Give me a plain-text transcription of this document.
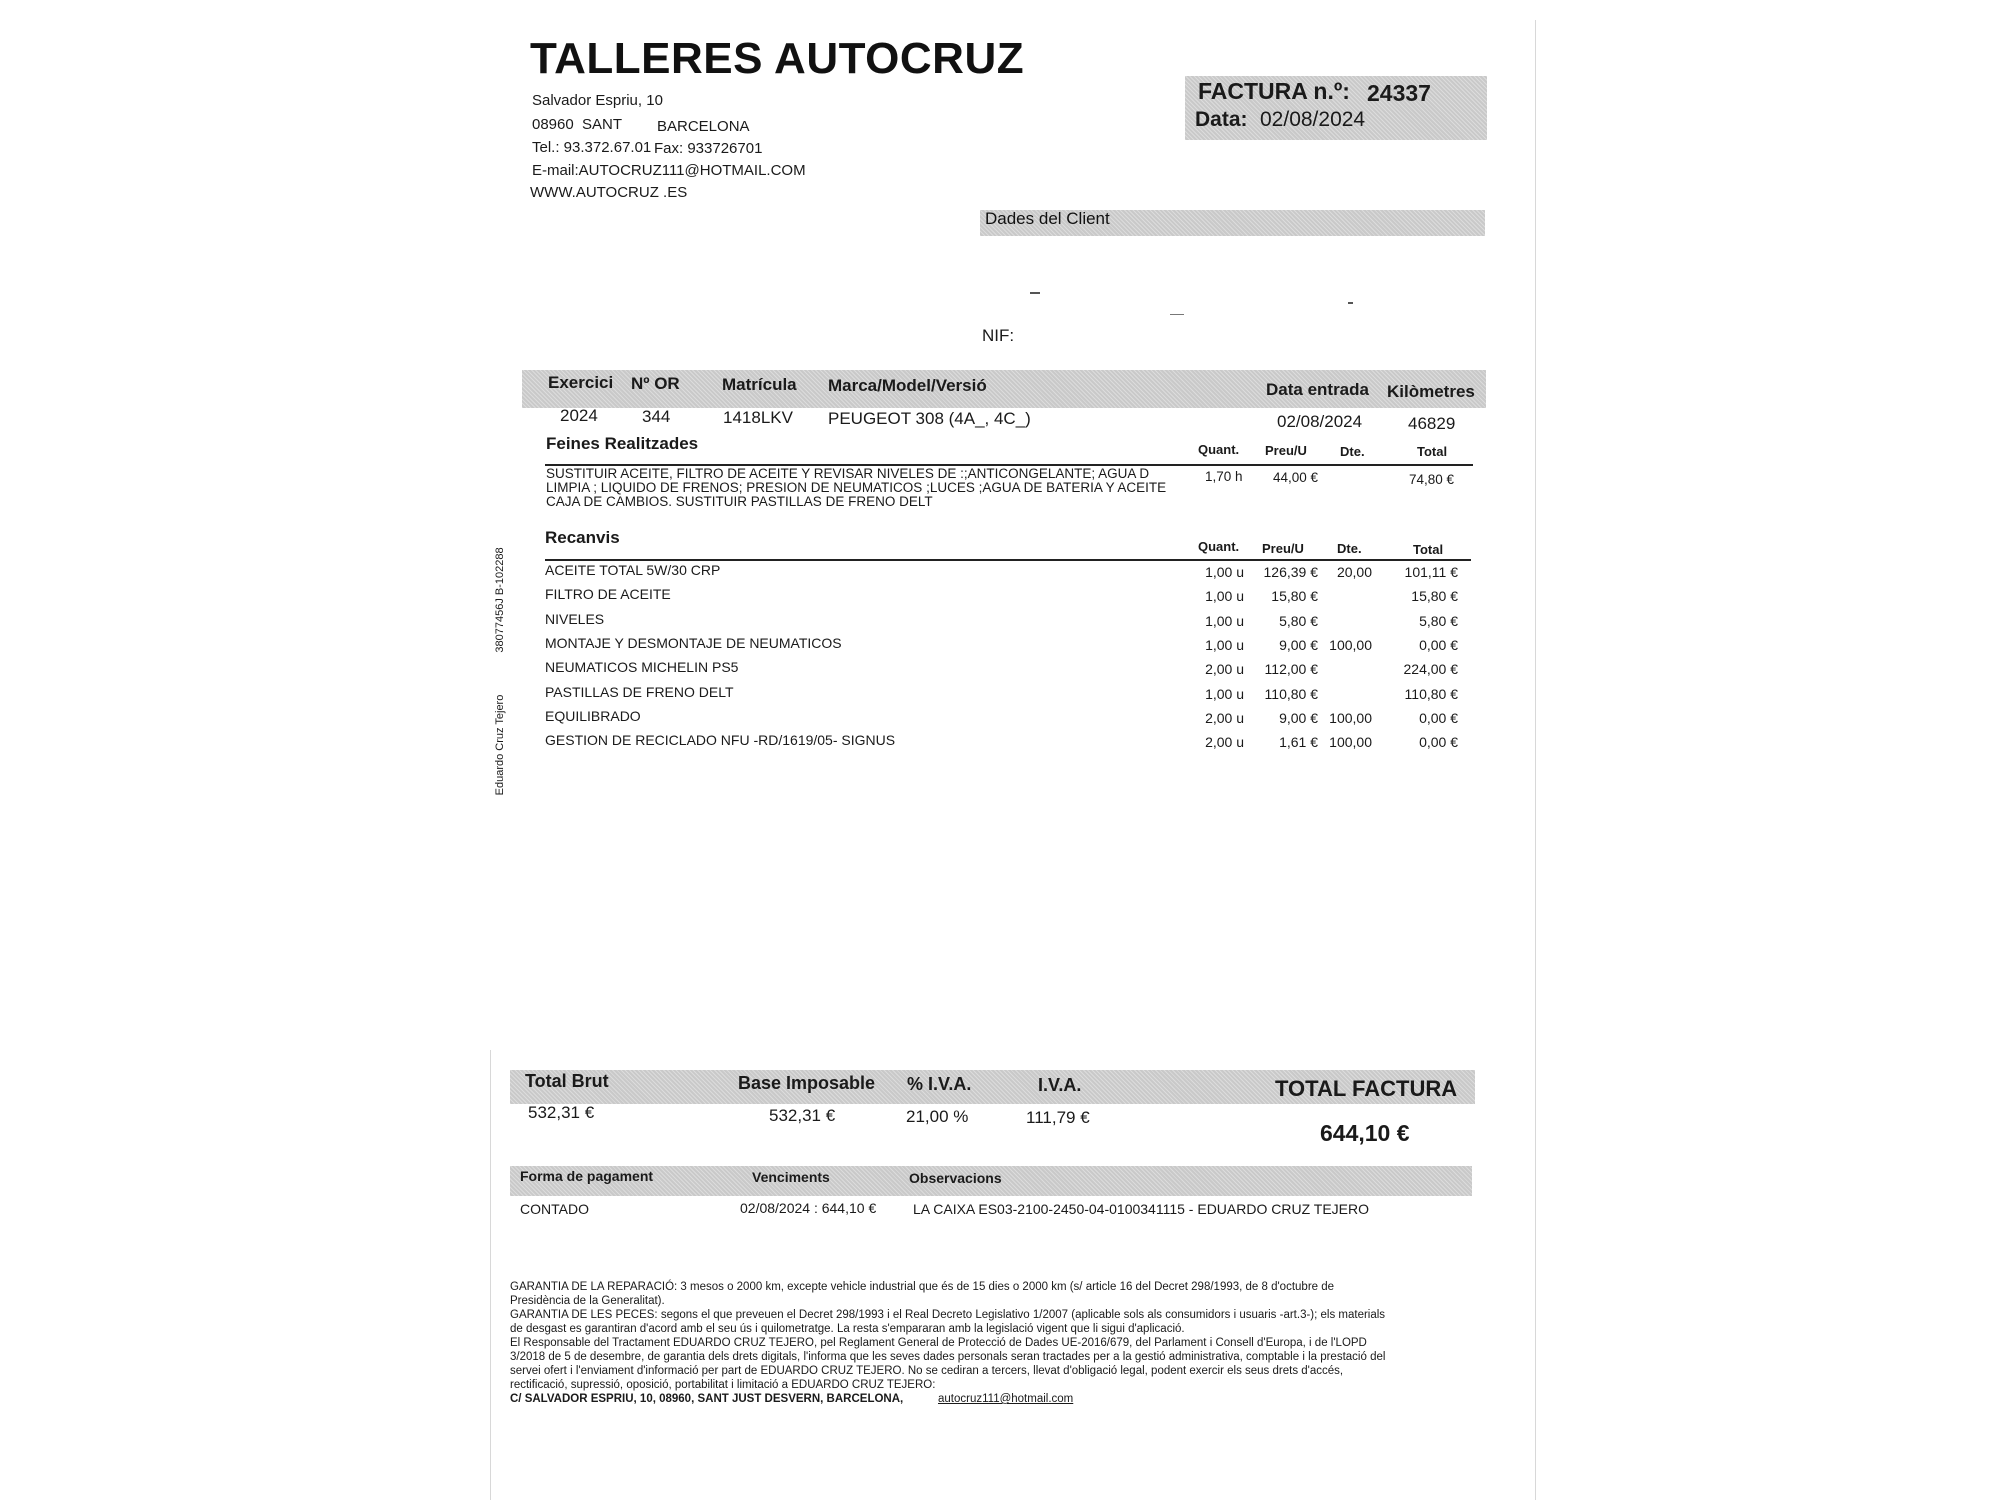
TALLERES AUTOCRUZ
Salvador Espriu, 10
08960 SANT BARCELONA
Tel.: 93.372.67.01 Fax: 933726701
E-mail:AUTOCRUZ111@HOTMAIL.COM
WWW.AUTOCRUZ .ES
FACTURA n.º: 24337
Data: 02/08/2024
Dades del Client
NIF:
38077456J B-102288
Eduardo Cruz Tejero
Exercici Nº OR Matrícula Marca/Model/Versió	Data entrada Kilòmetres
2024	344	1418LKV PEUGEOT 308 (4A_, 4C_)	02/08/2024	46829
Feines Realitzades	Quant. Preu/U	Dte.	Total
SUSTITUIR ACEITE, FILTRO DE ACEITE Y REVISAR NIVELES DE :;ANTICONGELANTE; AGUA D
LIMPIA ; LIQUIDO DE FRENOS; PRESION DE NEUMATICOS ;LUCES ;AGUA DE BATERIA Y ACEITE
CAJA DE CAMBIOS. SUSTITUIR PASTILLAS DE FRENO DELT
1,70 h 44,00 €	74,80 €
Recanvis	Quant. Preu/U	Dte.	Total
ACEITE TOTAL 5W/30 CRP	1,00 u	126,39 €	20,00	101,11 €
FILTRO DE ACEITE	1,00 u	15,80 €	15,80 €
NIVELES	1,00 u	5,80 €	5,80 €
MONTAJE Y DESMONTAJE DE NEUMATICOS	1,00 u	9,00 € 100,00	0,00 €
NEUMATICOS MICHELIN PS5	2,00 u	112,00 €	224,00 €
PASTILLAS DE FRENO DELT	1,00 u	110,80 €	110,80 €
EQUILIBRADO	2,00 u	9,00 € 100,00	0,00 €
GESTION DE RECICLADO NFU -RD/1619/05- SIGNUS	2,00 u	1,61 € 100,00	0,00 €
Total Brut	Base Imposable % I.V.A.	I.V.A.	TOTAL FACTURA
532,31 €	532,31 €	21,00 %	111,79 €
644,10 €
Forma de pagament	Venciments	Observacions
CONTADO	02/08/2024 : 644,10 €	LA CAIXA ES03-2100-2450-04-0100341115 - EDUARDO CRUZ TEJERO
GARANTIA DE LA REPARACIÓ: 3 mesos o 2000 km, excepte vehicle industrial que és de 15 dies o 2000 km (s/ article 16 del Decret 298/1993, de 8 d'octubre de
Presidència de la Generalitat).
GARANTIA DE LES PECES: segons el que preveuen el Decret 298/1993 i el Real Decreto Legislativo 1/2007 (aplicable sols als consumidors i usuaris -art.3-); els materials
de desgast es garantiran d'acord amb el seu ús i quilometratge. La resta s'empararan amb la legislació vigent que li sigui d'aplicació.
El Responsable del Tractament EDUARDO CRUZ TEJERO, pel Reglament General de Protecció de Dades UE-2016/679, del Parlament i Consell d'Europa, i de l'LOPD
3/2018 de 5 de desembre, de garantia dels drets digitals, l'informa que les seves dades personals seran tractades per a la gestió administrativa, comptable i la prestació del
servei ofert i l'enviament d'informació per part de EDUARDO CRUZ TEJERO. No se cediran a tercers, llevat d'obligació legal, podent exercir els seus drets d'accés,
rectificació, supressió, oposició, portabilitat i limitació a EDUARDO CRUZ TEJERO:
C/ SALVADOR ESPRIU, 10, 08960, SANT JUST DESVERN, BARCELONA,	autocruz111@hotmail.com
